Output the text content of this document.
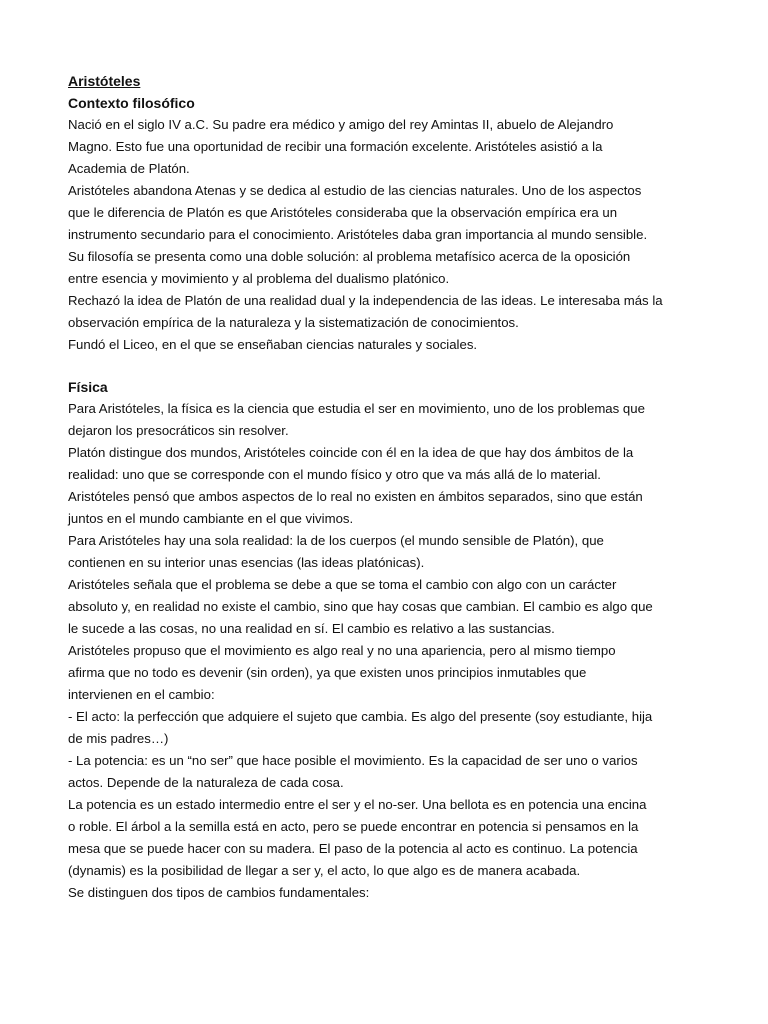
Aristóteles
Contexto filosófico
Nació en el siglo IV a.C. Su padre era médico y amigo del rey Amintas II, abuelo de Alejandro
Magno. Esto fue una oportunidad de recibir una formación excelente. Aristóteles asistió a la
Academia de Platón.
Aristóteles abandona Atenas y se dedica al estudio de las ciencias naturales. Uno de los aspectos
que le diferencia de Platón es que Aristóteles consideraba que la observación empírica era un
instrumento secundario para el conocimiento. Aristóteles daba gran importancia al mundo sensible.
Su filosofía se presenta como una doble solución: al problema metafísico acerca de la oposición
entre esencia y movimiento y al problema del dualismo platónico.
Rechazó la idea de Platón de una realidad dual y la independencia de las ideas. Le interesaba más la
observación empírica de la naturaleza y la sistematización de conocimientos.
Fundó el Liceo, en el que se enseñaban ciencias naturales y sociales.
Física
Para Aristóteles, la física es la ciencia que estudia el ser en movimiento, uno de los problemas que
dejaron los presocráticos sin resolver.
Platón distingue dos mundos, Aristóteles coincide con él en la idea de que hay dos ámbitos de la
realidad: uno que se corresponde con el mundo físico y otro que va más allá de lo material.
Aristóteles pensó que ambos aspectos de lo real no existen en ámbitos separados, sino que están
juntos en el mundo cambiante en el que vivimos.
Para Aristóteles hay una sola realidad: la de los cuerpos (el mundo sensible de Platón), que
contienen en su interior unas esencias (las ideas platónicas).
Aristóteles señala que el problema se debe a que se toma el cambio con algo con un carácter
absoluto y, en realidad no existe el cambio, sino que hay cosas que cambian. El cambio es algo que
le sucede a las cosas, no una realidad en sí. El cambio es relativo a las sustancias.
Aristóteles propuso que el movimiento es algo real y no una apariencia, pero al mismo tiempo
afirma que no todo es devenir (sin orden), ya que existen unos principios inmutables que
intervienen en el cambio:
- El acto: la perfección que adquiere el sujeto que cambia. Es algo del presente (soy estudiante, hija
de mis padres…)
- La potencia: es un “no ser” que hace posible el movimiento. Es la capacidad de ser uno o varios
actos. Depende de la naturaleza de cada cosa.
La potencia es un estado intermedio entre el ser y el no-ser. Una bellota es en potencia una encina
o roble. El árbol a la semilla está en acto, pero se puede encontrar en potencia si pensamos en la
mesa que se puede hacer con su madera. El paso de la potencia al acto es continuo. La potencia
(dynamis) es la posibilidad de llegar a ser y, el acto, lo que algo es de manera acabada.
Se distinguen dos tipos de cambios fundamentales:
